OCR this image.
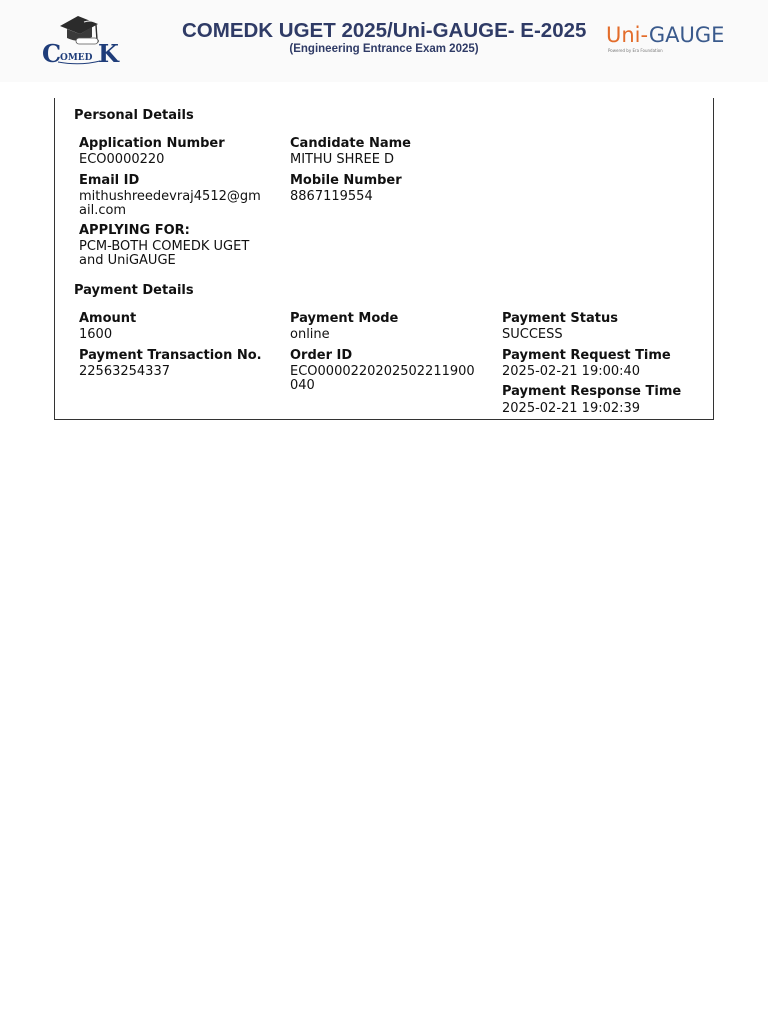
C
OMED K
COMEDK UGET 2025/Uni-GAUGE- E-2025
(Engineering Entrance Exam 2025)
Uni-GAUGE
Powered by Era Foundation
Personal Details
Application Number
ECO0000220
Candidate Name
MITHU SHREE D
Email ID
mithushreedevraj4512@gmail.com
Mobile Number
8867119554
APPLYING FOR:
PCM-BOTH COMEDK UGET and UniGAUGE
Payment Details
Amount
1600
Payment Mode
online
Payment Status
SUCCESS
Payment Transaction No.
22563254337
Order ID
ECO0000220202502211900040
Payment Request Time
2025-02-21 19:00:40
Payment Response Time
2025-02-21 19:02:39
